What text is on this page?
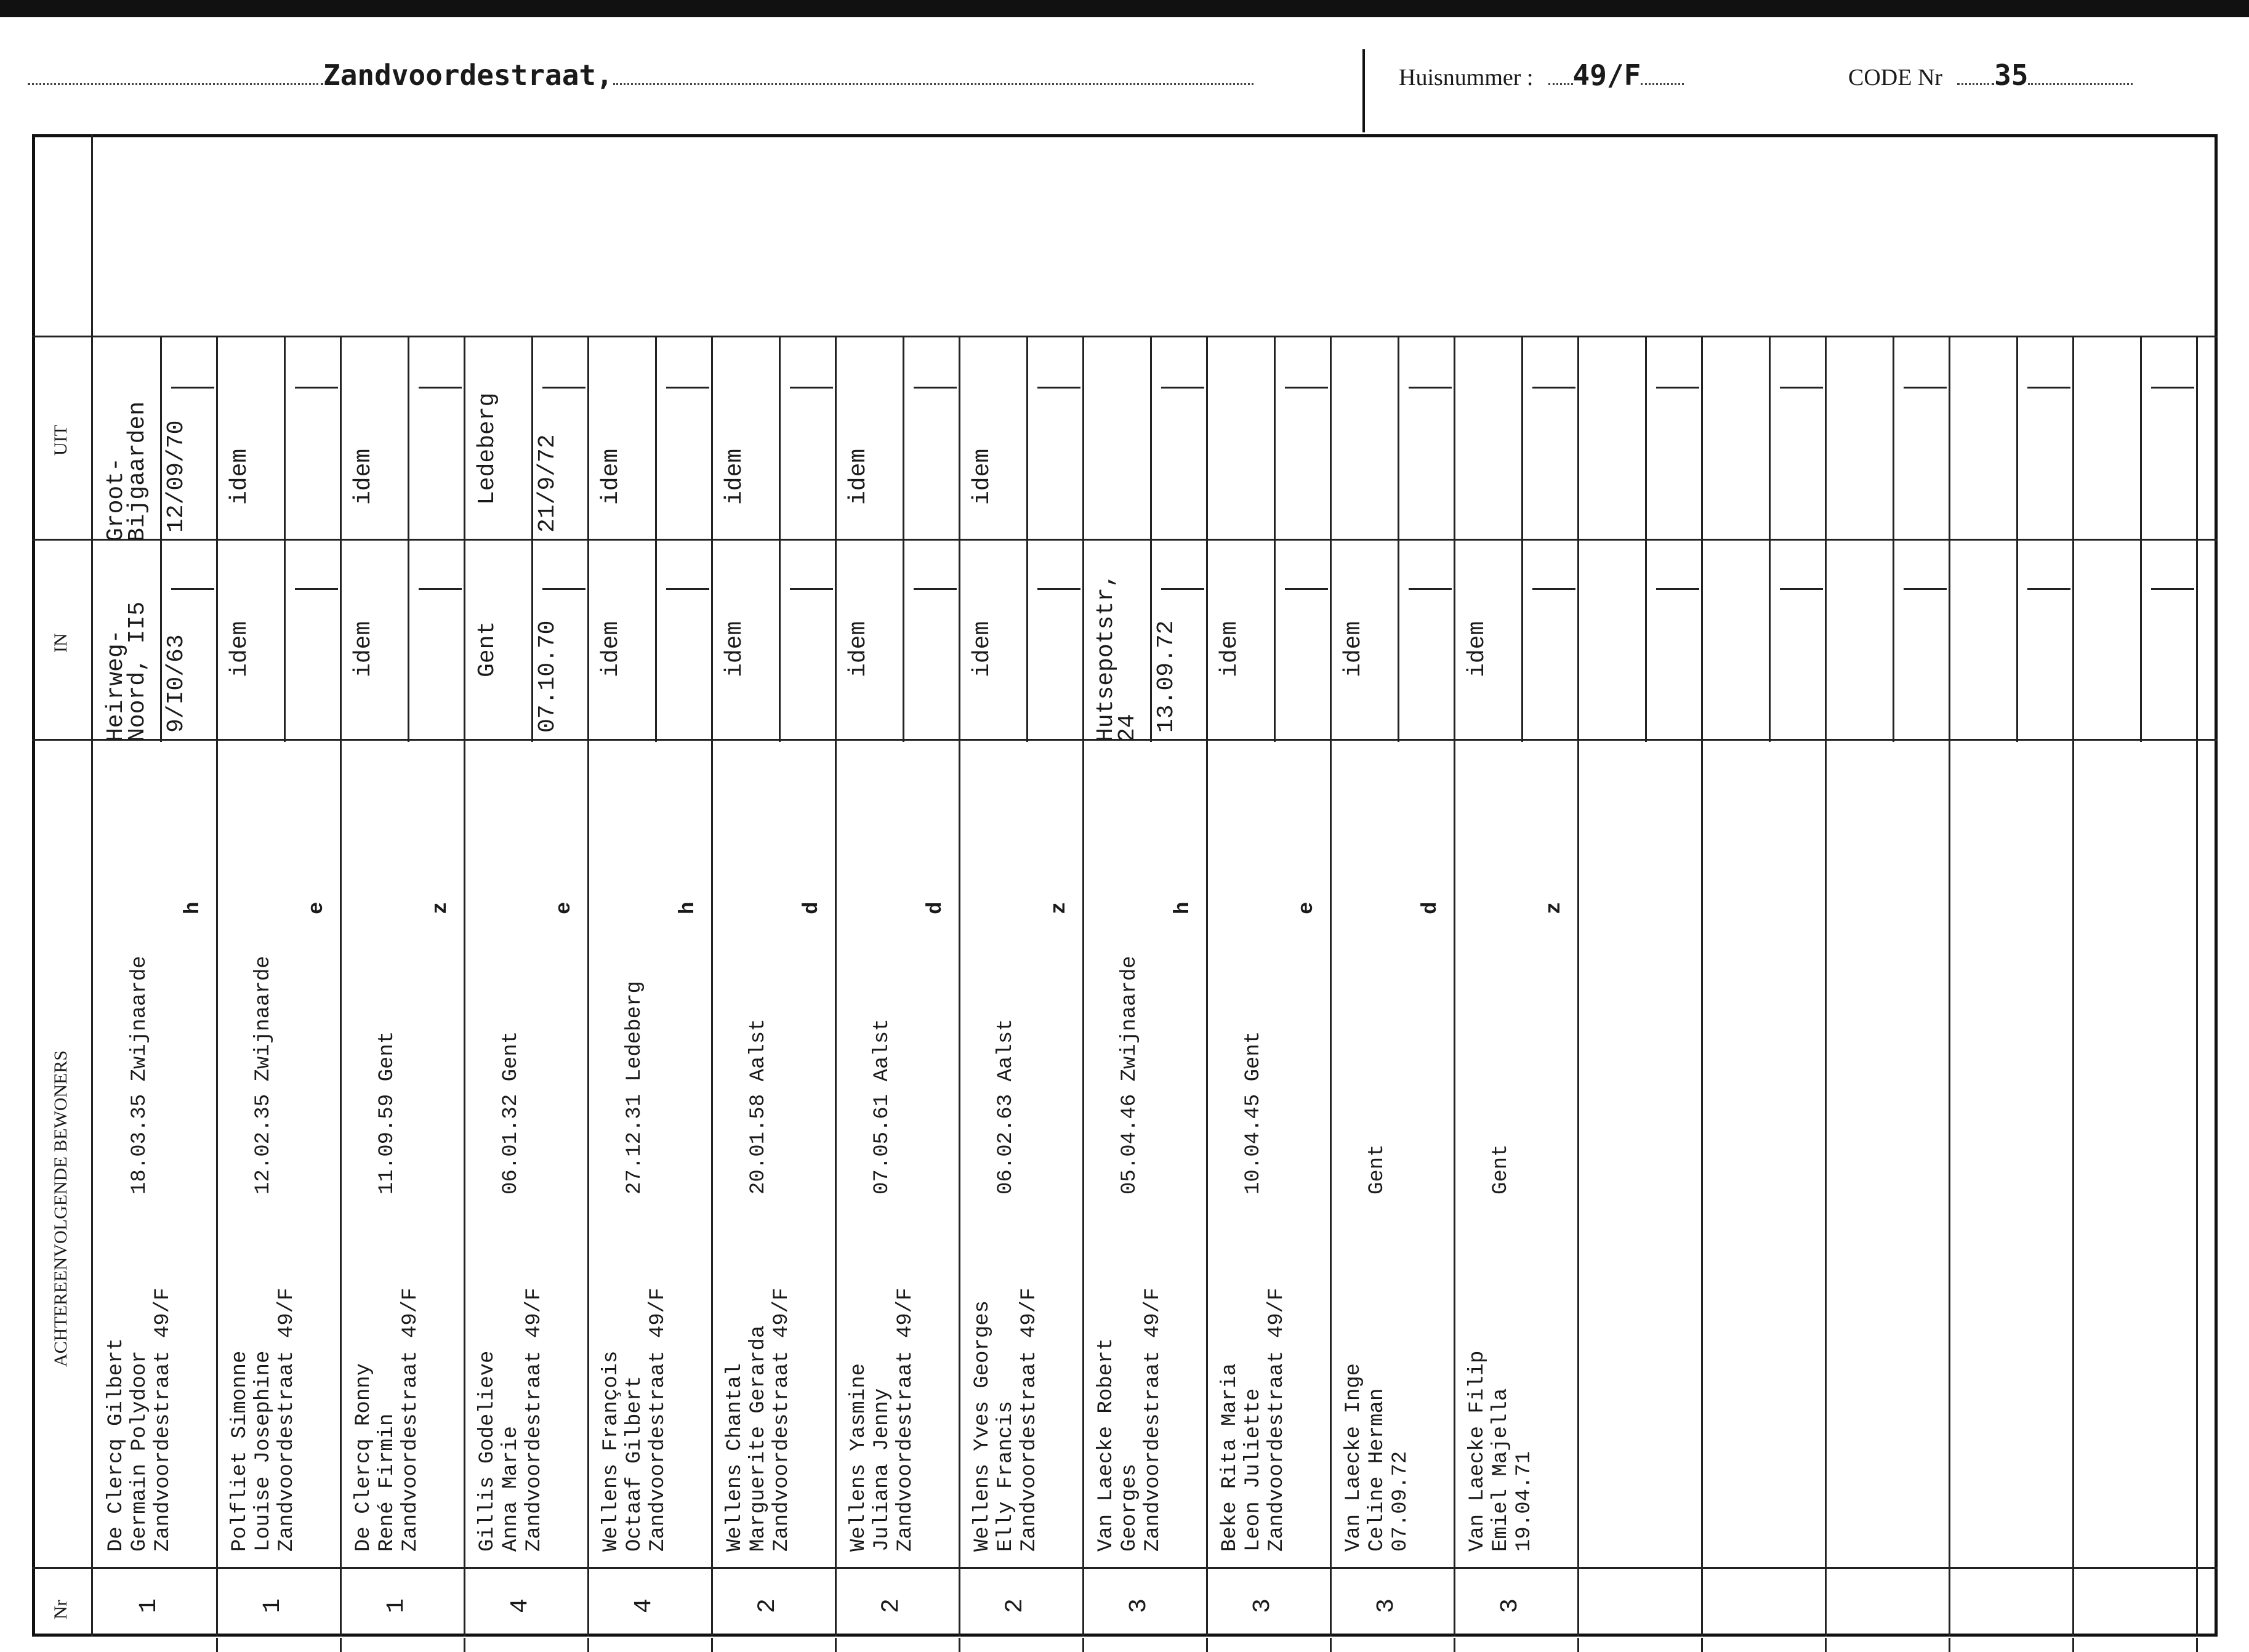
Zandvoordestraat,	Huisnummer : 49/F	CODE Nr 35
Nr
ACHTEREENVOLGENDE BEWONERS
IN
UIT
1
De Clercq Gilbert Germain Polydoor
18.03.35 Zwijnaarde
Zandvoordestraat 49/F
h
Heirweg-
Noord, II5 9/I0/63
Groot-
Bijgaarden 12/09/70
1
Polfliet Simonne Louise Josephine
12.02.35 Zwijnaarde
Zandvoordestraat 49/F
e
idem
idem
1
De Clercq Ronny René Firmin
11.09.59 Gent
Zandvoordestraat 49/F
z
idem
idem
4
Gillis Godelieve Anna Marie
06.01.32 Gent
Zandvoordestraat 49/F
e
Gent 07.10.70
Ledeberg 21/9/72
4
Wellens François Octaaf Gilbert
27.12.31 Ledeberg
Zandvoordestraat 49/F
h
idem
idem
2
Wellens Chantal Marguerite Gerarda
20.01.58 Aalst
Zandvoordestraat 49/F
d
idem
idem
2
Wellens Yasmine Juliana Jenny
07.05.61 Aalst
Zandvoordestraat 49/F
d
idem
idem
2
Wellens Yves Georges Elly Francis
06.02.63 Aalst
Zandvoordestraat 49/F
z
idem
idem
3
Van Laecke Robert Georges
05.04.46 Zwijnaarde
Zandvoordestraat 49/F
h
Hutsepotstr,
24 13.09.72
3
Beke Rita Maria Leon Juliette
10.04.45 Gent
Zandvoordestraat 49/F
e
idem
3
Van Laecke Inge Celine Herman
Gent
07.09.72
d
idem
3
Van Laecke Filip Emiel Majella
Gent
19.04.71
z
idem
